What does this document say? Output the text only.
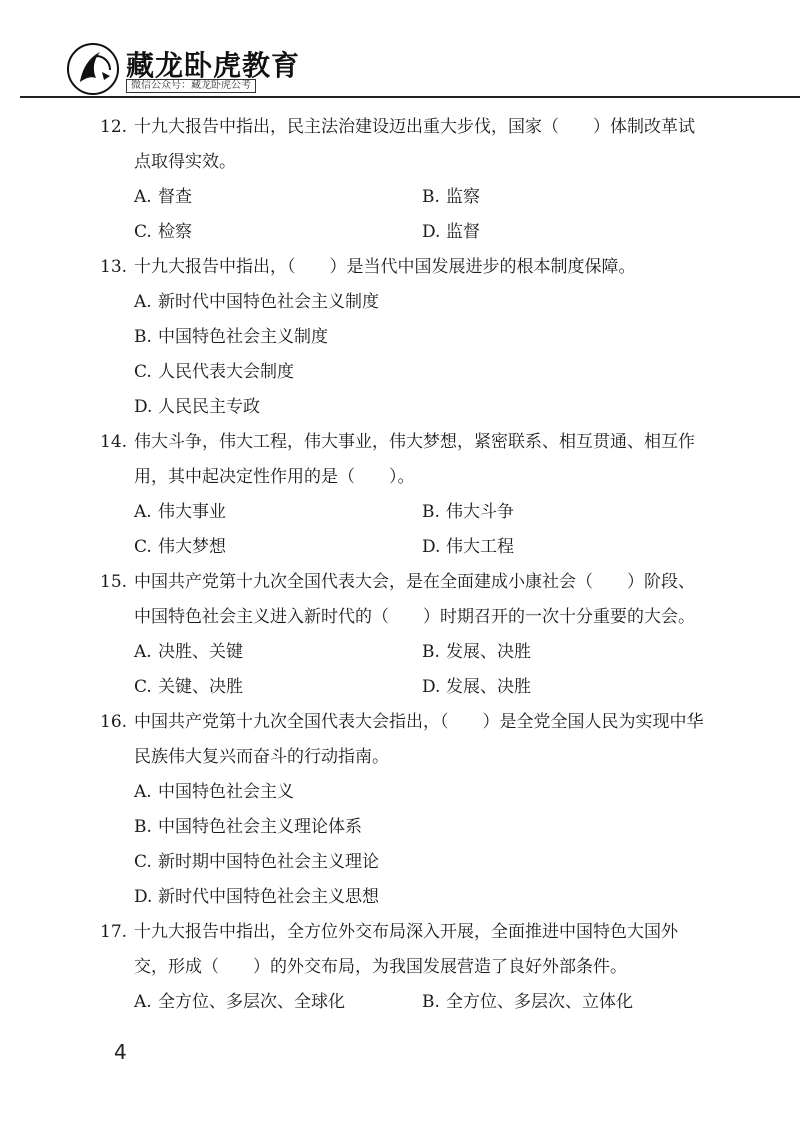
藏龙卧虎教育
微信公众号：藏龙卧虎公考
12. 十九大报告中指出，民主法治建设迈出重大步伐，国家（　　）体制改革试点取得实效。
A. 督查	B. 监察
C. 检察	D. 监督
13. 十九大报告中指出，（　　）是当代中国发展进步的根本制度保障。
A. 新时代中国特色社会主义制度
B. 中国特色社会主义制度
C. 人民代表大会制度
D. 人民民主专政
14. 伟大斗争，伟大工程，伟大事业，伟大梦想，紧密联系、相互贯通、相互作用，其中起决定性作用的是（　　）。
A. 伟大事业	B. 伟大斗争
C. 伟大梦想	D. 伟大工程
15. 中国共产党第十九次全国代表大会，是在全面建成小康社会（　　）阶段、中国特色社会主义进入新时代的（　　）时期召开的一次十分重要的大会。
A. 决胜、关键	B. 发展、决胜
C. 关键、决胜	D. 发展、决胜
16. 中国共产党第十九次全国代表大会指出，（　　）是全党全国人民为实现中华民族伟大复兴而奋斗的行动指南。
A. 中国特色社会主义
B. 中国特色社会主义理论体系
C. 新时期中国特色社会主义理论
D. 新时代中国特色社会主义思想
17. 十九大报告中指出，全方位外交布局深入开展，全面推进中国特色大国外交，形成（　　）的外交布局，为我国发展营造了良好外部条件。
A. 全方位、多层次、全球化	B. 全方位、多层次、立体化
4
